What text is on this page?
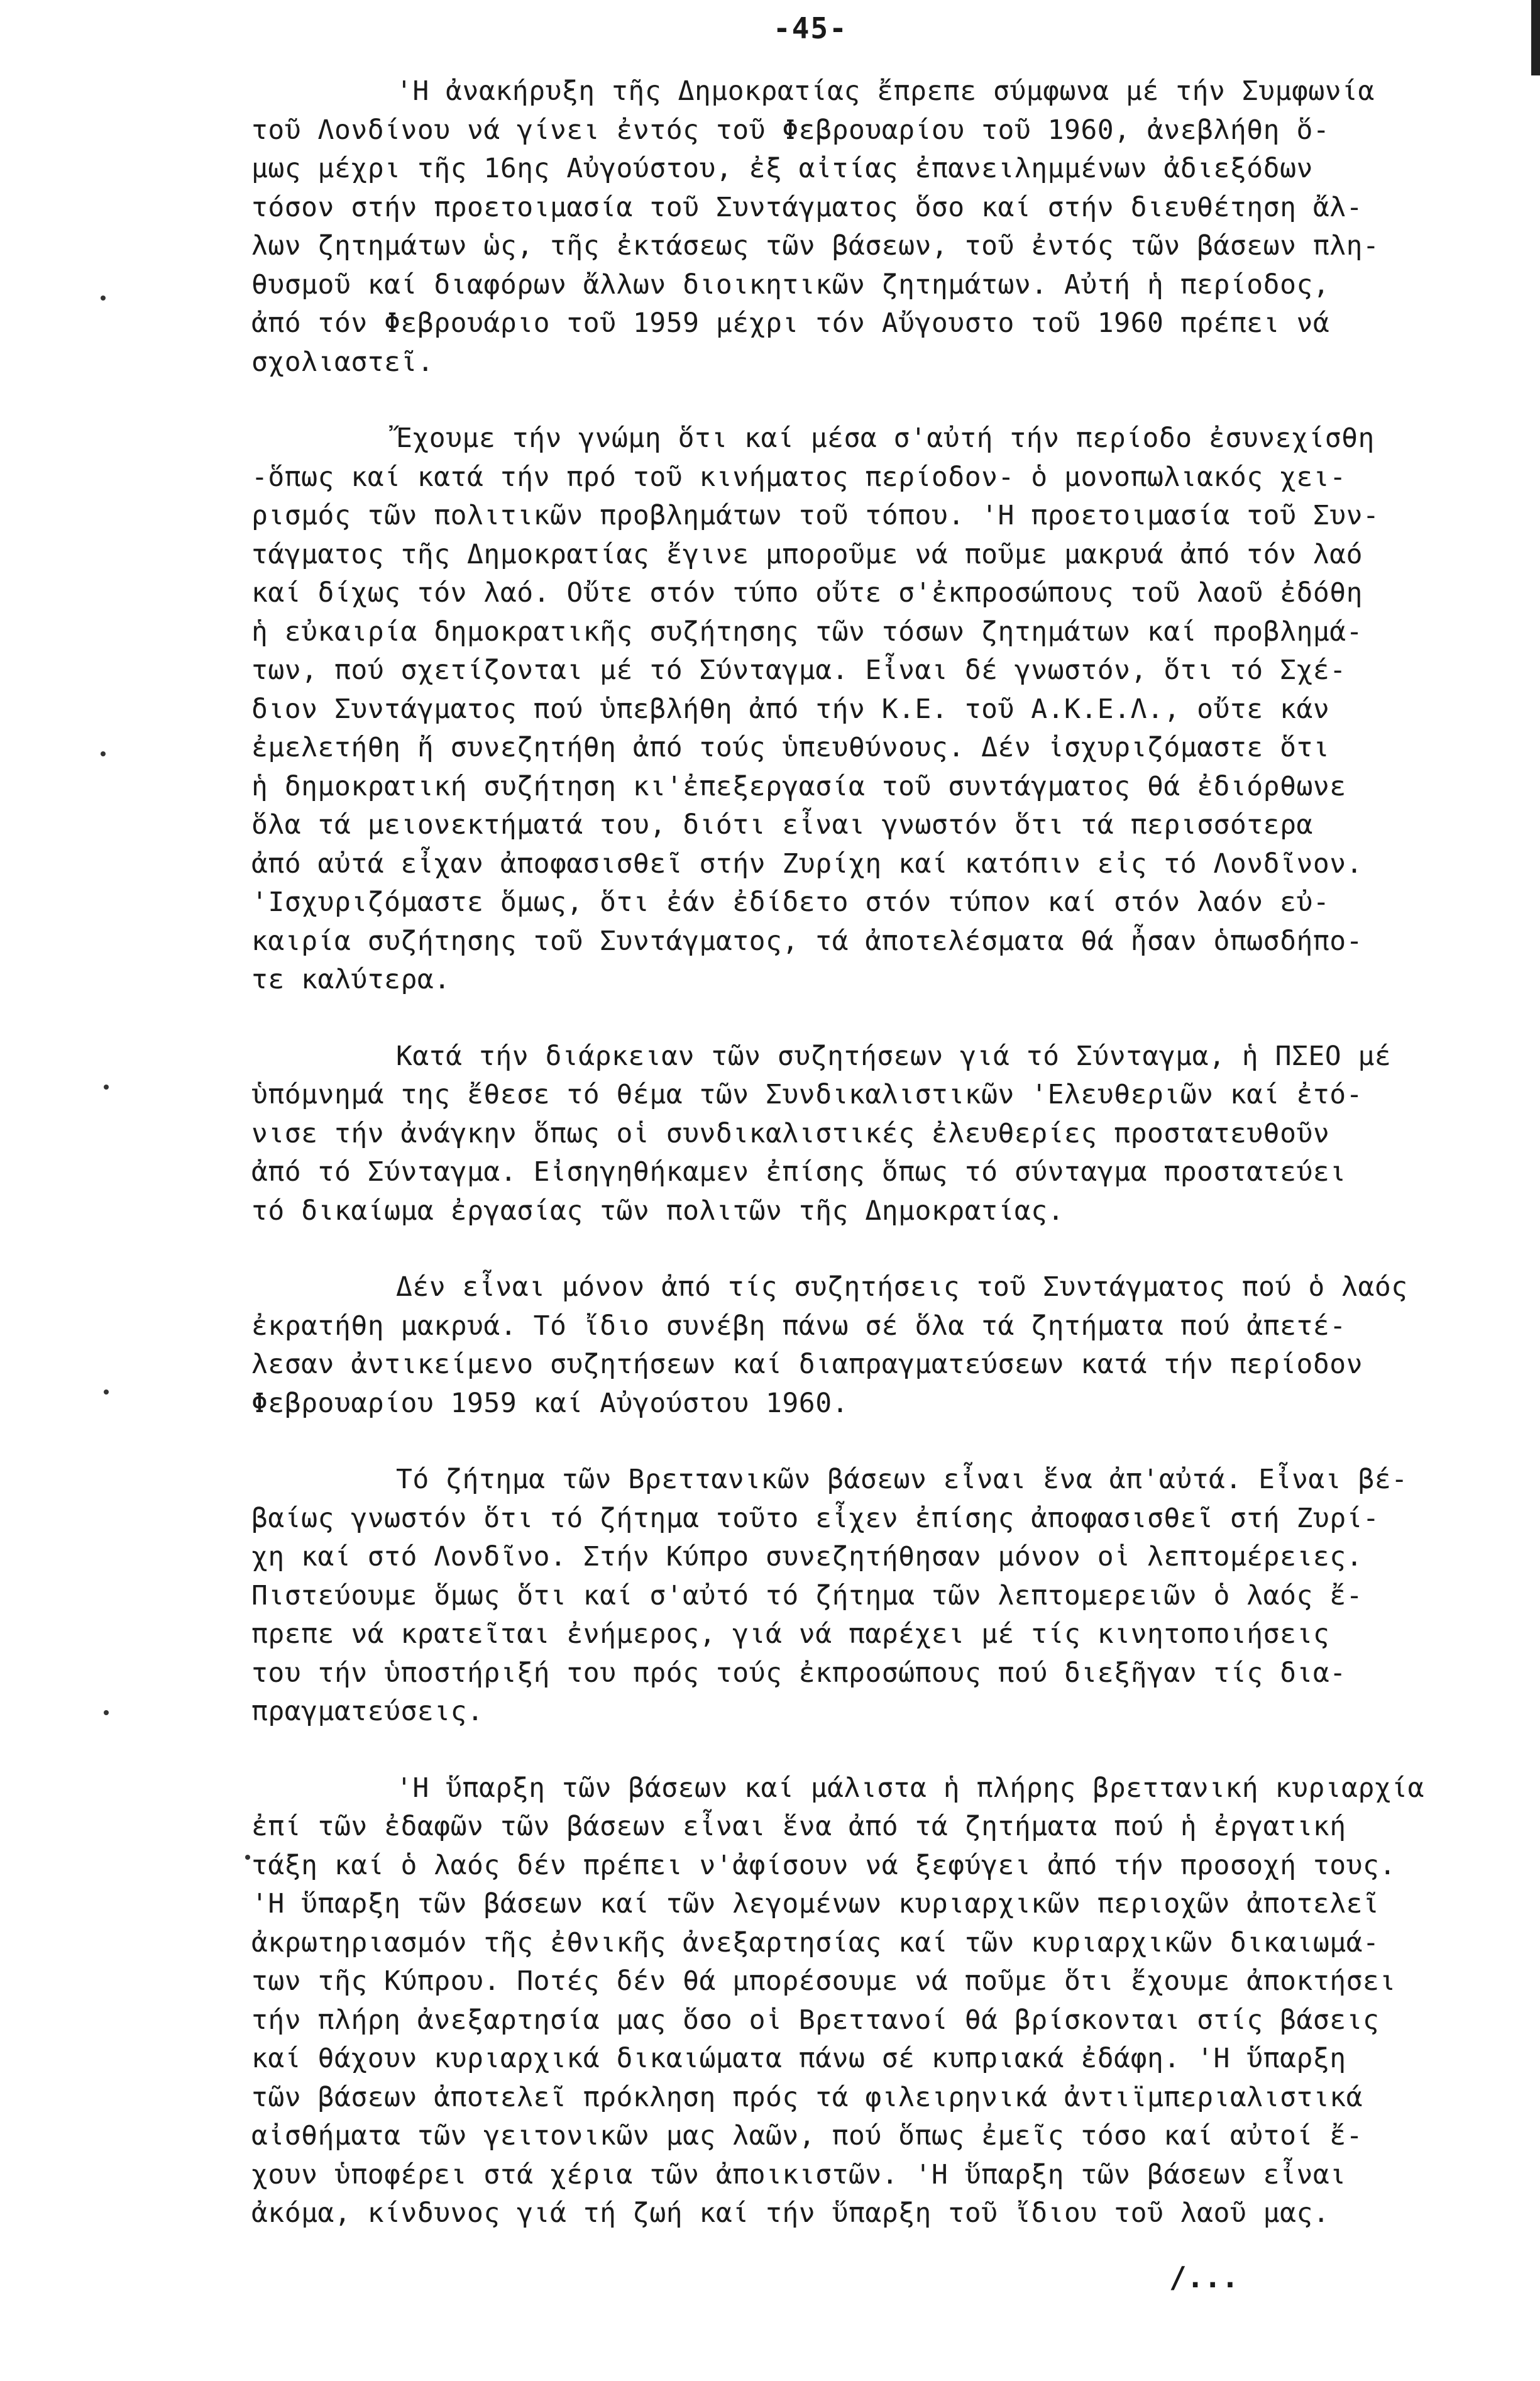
-45-
'Η ἀνακήρυξη τῆς Δημοκρατίας ἔπρεπε σύμφωνα μέ τήν Συμφωνία
τοῦ Λονδίνου νά γίνει ἐντός τοῦ Φεβρουαρίου τοῦ 1960, ἀνεβλήθη ὅ-
μως μέχρι τῆς 16ης Αὐγούστου, ἐξ αἰτίας ἐπανειλημμένων ἀδιεξόδων
τόσον στήν προετοιμασία τοῦ Συντάγματος ὅσο καί στήν διευθέτηση ἄλ-
λων ζητημάτων ὡς, τῆς ἐκτάσεως τῶν βάσεων, τοῦ ἐντός τῶν βάσεων πλη-
θυσμοῦ καί διαφόρων ἄλλων διοικητικῶν ζητημάτων. Αὐτή ἡ περίοδος,
ἀπό τόν Φεβρουάριο τοῦ 1959 μέχρι τόν Αὔγουστο τοῦ 1960 πρέπει νά
σχολιαστεῖ.
Ἔχουμε τήν γνώμη ὅτι καί μέσα σ'αὐτή τήν περίοδο ἐσυνεχίσθη
-ὅπως καί κατά τήν πρό τοῦ κινήματος περίοδον- ὁ μονοπωλιακός χει-
ρισμός τῶν πολιτικῶν προβλημάτων τοῦ τόπου. 'Η προετοιμασία τοῦ Συν-
τάγματος τῆς Δημοκρατίας ἔγινε μποροῦμε νά ποῦμε μακρυά ἀπό τόν λαό
καί δίχως τόν λαό. Οὔτε στόν τύπο οὔτε σ'ἐκπροσώπους τοῦ λαοῦ ἐδόθη
ἡ εὐκαιρία δημοκρατικῆς συζήτησης τῶν τόσων ζητημάτων καί προβλημά-
των, πού σχετίζονται μέ τό Σύνταγμα. Εἶναι δέ γνωστόν, ὅτι τό Σχέ-
διον Συντάγματος πού ὑπεβλήθη ἀπό τήν Κ.Ε. τοῦ Α.Κ.Ε.Λ., οὔτε κάν
ἐμελετήθη ἤ συνεζητήθη ἀπό τούς ὑπευθύνους. Δέν ἰσχυριζόμαστε ὅτι
ἡ δημοκρατική συζήτηση κι'ἐπεξεργασία τοῦ συντάγματος θά ἐδιόρθωνε
ὅλα τά μειονεκτήματά του, διότι εἶναι γνωστόν ὅτι τά περισσότερα
ἀπό αὐτά εἶχαν ἀποφασισθεῖ στήν Ζυρίχη καί κατόπιν εἰς τό Λονδῖνον.
'Ισχυριζόμαστε ὅμως, ὅτι ἐάν ἐδίδετο στόν τύπον καί στόν λαόν εὐ-
καιρία συζήτησης τοῦ Συντάγματος, τά ἀποτελέσματα θά ἦσαν ὁπωσδήπο-
τε καλύτερα.
Κατά τήν διάρκειαν τῶν συζητήσεων γιά τό Σύνταγμα, ἡ ΠΣΕΟ μέ
ὑπόμνημά της ἔθεσε τό θέμα τῶν Συνδικαλιστικῶν 'Ελευθεριῶν καί ἐτό-
νισε τήν ἀνάγκην ὅπως οἱ συνδικαλιστικές ἐλευθερίες προστατευθοῦν
ἀπό τό Σύνταγμα. Εἰσηγηθήκαμεν ἐπίσης ὅπως τό σύνταγμα προστατεύει
τό δικαίωμα ἐργασίας τῶν πολιτῶν τῆς Δημοκρατίας.
Δέν εἶναι μόνον ἀπό τίς συζητήσεις τοῦ Συντάγματος πού ὁ λαός
ἐκρατήθη μακρυά. Τό ἴδιο συνέβη πάνω σέ ὅλα τά ζητήματα πού ἀπετέ-
λεσαν ἀντικείμενο συζητήσεων καί διαπραγματεύσεων κατά τήν περίοδον
Φεβρουαρίου 1959 καί Αὐγούστου 1960.
Τό ζήτημα τῶν Βρεττανικῶν βάσεων εἶναι ἕνα ἀπ'αὐτά. Εἶναι βέ-
βαίως γνωστόν ὅτι τό ζήτημα τοῦτο εἶχεν ἐπίσης ἀποφασισθεῖ στή Ζυρί-
χη καί στό Λονδῖνο. Στήν Κύπρο συνεζητήθησαν μόνον οἱ λεπτομέρειες.
Πιστεύουμε ὅμως ὅτι καί σ'αὐτό τό ζήτημα τῶν λεπτομερειῶν ὁ λαός ἔ-
πρεπε νά κρατεῖται ἐνήμερος, γιά νά παρέχει μέ τίς κινητοποιήσεις
του τήν ὑποστήριξή του πρός τούς ἐκπροσώπους πού διεξῆγαν τίς δια-
πραγματεύσεις.
'Η ὕπαρξη τῶν βάσεων καί μάλιστα ἡ πλήρης βρεττανική κυριαρχία
ἐπί τῶν ἐδαφῶν τῶν βάσεων εἶναι ἕνα ἀπό τά ζητήματα πού ἡ ἐργατική
τάξη καί ὁ λαός δέν πρέπει ν'ἀφίσουν νά ξεφύγει ἀπό τήν προσοχή τους.
'Η ὕπαρξη τῶν βάσεων καί τῶν λεγομένων κυριαρχικῶν περιοχῶν ἀποτελεῖ
ἀκρωτηριασμόν τῆς ἐθνικῆς ἀνεξαρτησίας καί τῶν κυριαρχικῶν δικαιωμά-
των τῆς Κύπρου. Ποτές δέν θά μπορέσουμε νά ποῦμε ὅτι ἔχουμε ἀποκτήσει
τήν πλήρη ἀνεξαρτησία μας ὅσο οἱ Βρεττανοί θά βρίσκονται στίς βάσεις
καί θάχουν κυριαρχικά δικαιώματα πάνω σέ κυπριακά ἐδάφη. 'Η ὕπαρξη
τῶν βάσεων ἀποτελεῖ πρόκληση πρός τά φιλειρηνικά ἀντιϊμπεριαλιστικά
αἰσθήματα τῶν γειτονικῶν μας λαῶν, πού ὅπως ἐμεῖς τόσο καί αὐτοί ἔ-
χουν ὑποφέρει στά χέρια τῶν ἀποικιστῶν. 'Η ὕπαρξη τῶν βάσεων εἶναι
ἀκόμα, κίνδυνος γιά τή ζωή καί τήν ὕπαρξη τοῦ ἴδιου τοῦ λαοῦ μας.
/...
